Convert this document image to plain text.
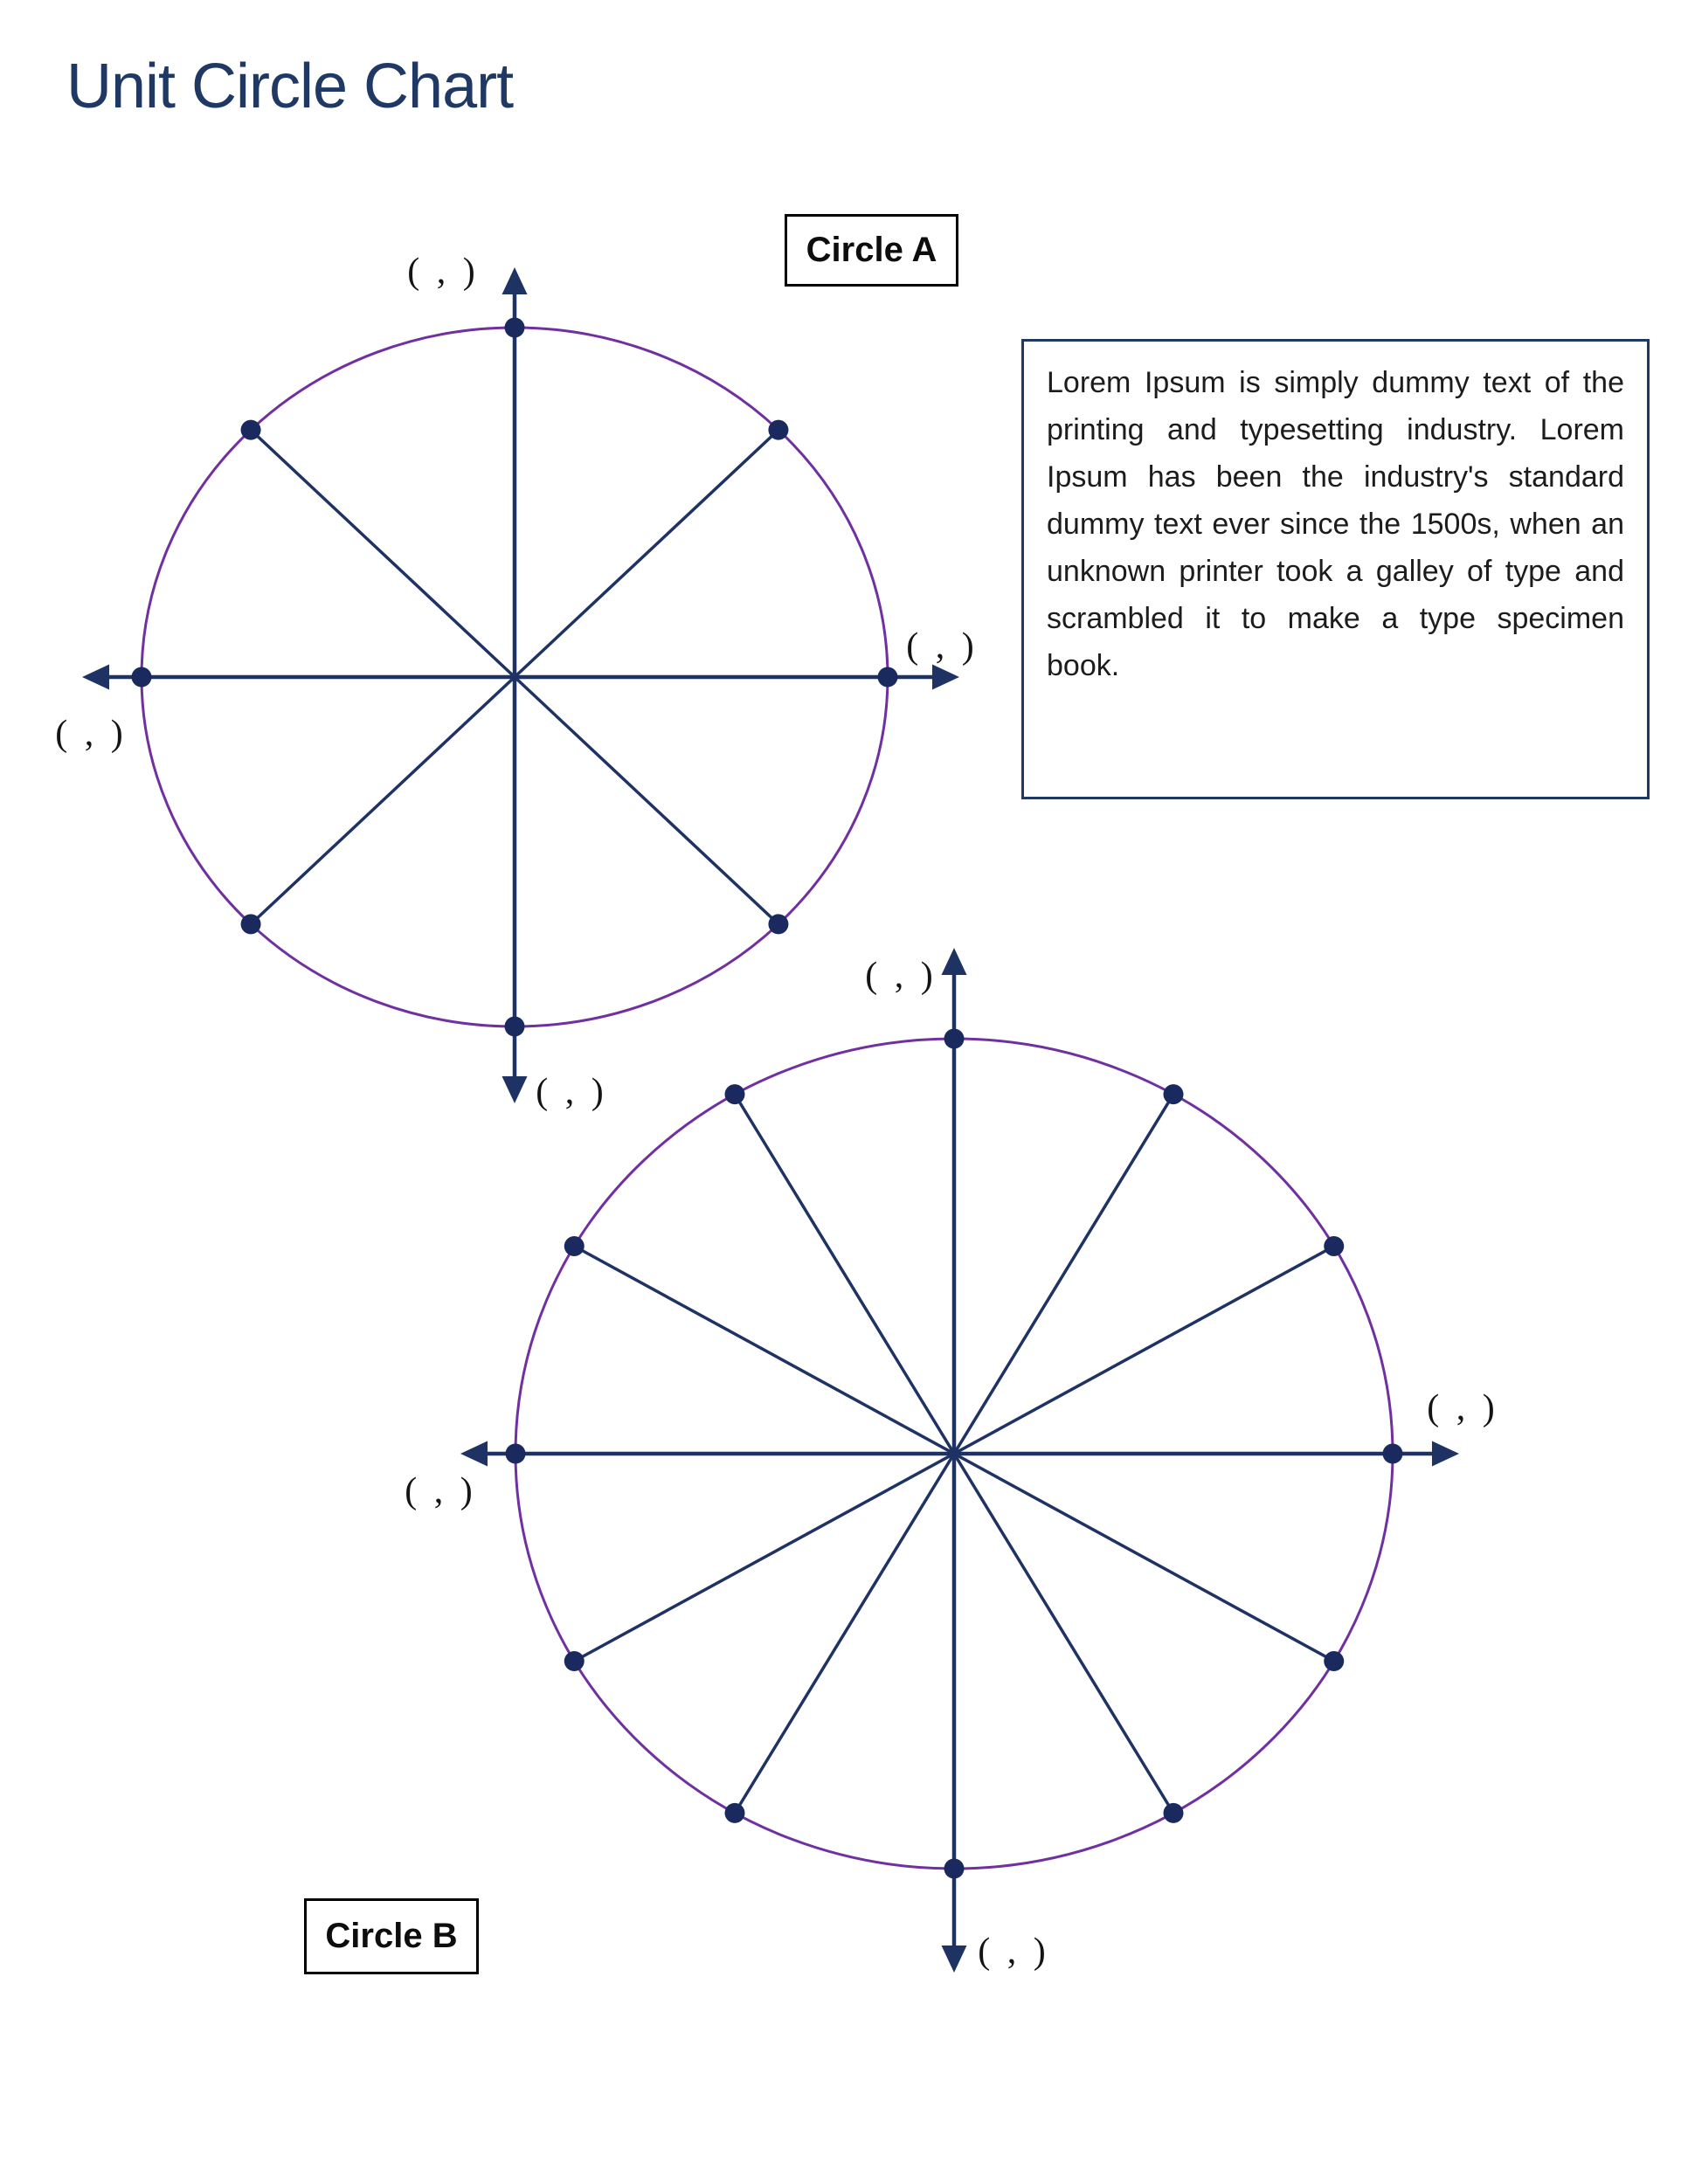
Unit Circle Chart
( , )
( , )
( , )
( , )
( , )
( , )
( , )
( , )
Circle A
Circle B

Lorem Ipsum is simply dummy text of the printing and typesetting industry. Lorem Ipsum has been the industry's standard dummy text ever since the 1500s, when an unknown printer took a galley of type and scrambled it to make a type specimen book.
